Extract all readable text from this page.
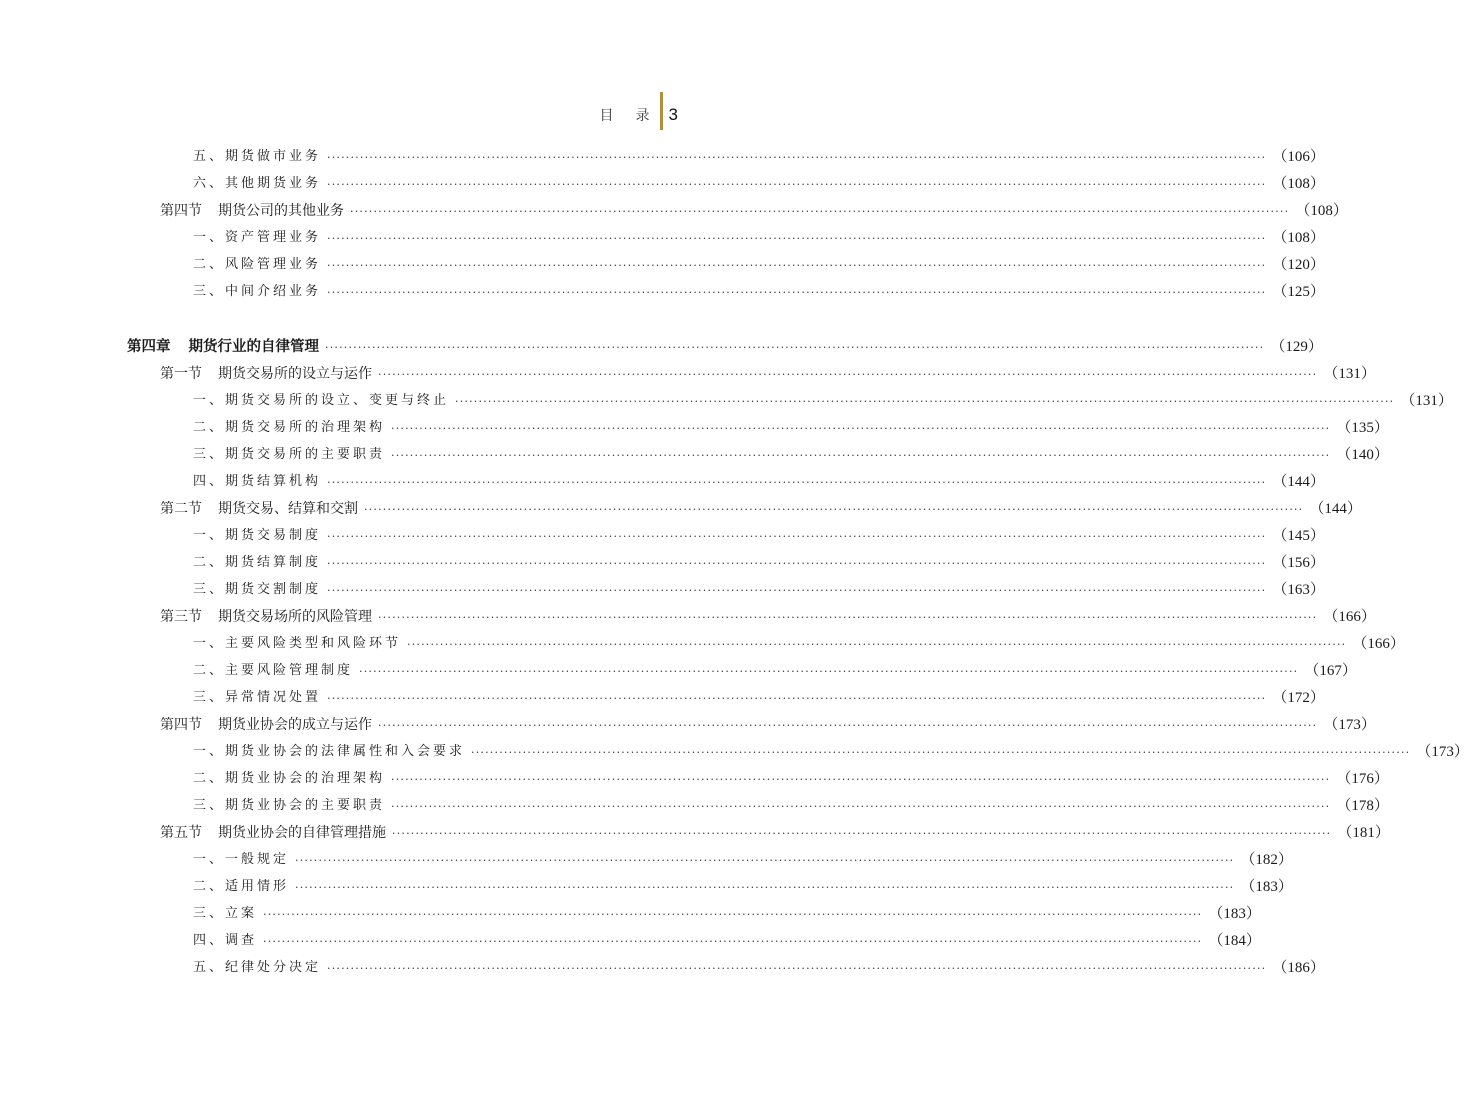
目 录 3
五、期货做市业务 ········································································································································································································ （106）
六、其他期货业务 ········································································································································································································ （108）
第四节 期货公司的其他业务 ········································································································································································································ （108）
一、资产管理业务 ········································································································································································································ （108）
二、风险管理业务 ········································································································································································································ （120）
三、中间介绍业务 ········································································································································································································ （125）
第四章 期货行业的自律管理 ········································································································································································································ （129）
第一节 期货交易所的设立与运作 ········································································································································································································ （131）
一、期货交易所的设立、变更与终止 ········································································································································································································ （131）
二、期货交易所的治理架构 ········································································································································································································ （135）
三、期货交易所的主要职责 ········································································································································································································ （140）
四、期货结算机构 ········································································································································································································ （144）
第二节 期货交易、结算和交割 ········································································································································································································ （144）
一、期货交易制度 ········································································································································································································ （145）
二、期货结算制度 ········································································································································································································ （156）
三、期货交割制度 ········································································································································································································ （163）
第三节 期货交易场所的风险管理 ········································································································································································································ （166）
一、主要风险类型和风险环节 ········································································································································································································ （166）
二、主要风险管理制度 ········································································································································································································ （167）
三、异常情况处置 ········································································································································································································ （172）
第四节 期货业协会的成立与运作 ········································································································································································································ （173）
一、期货业协会的法律属性和入会要求 ········································································································································································································ （173）
二、期货业协会的治理架构 ········································································································································································································ （176）
三、期货业协会的主要职责 ········································································································································································································ （178）
第五节 期货业协会的自律管理措施 ········································································································································································································ （181）
一、一般规定 ········································································································································································································ （182）
二、适用情形 ········································································································································································································ （183）
三、立案 ········································································································································································································ （183）
四、调查 ········································································································································································································ （184）
五、纪律处分决定 ········································································································································································································ （186）
